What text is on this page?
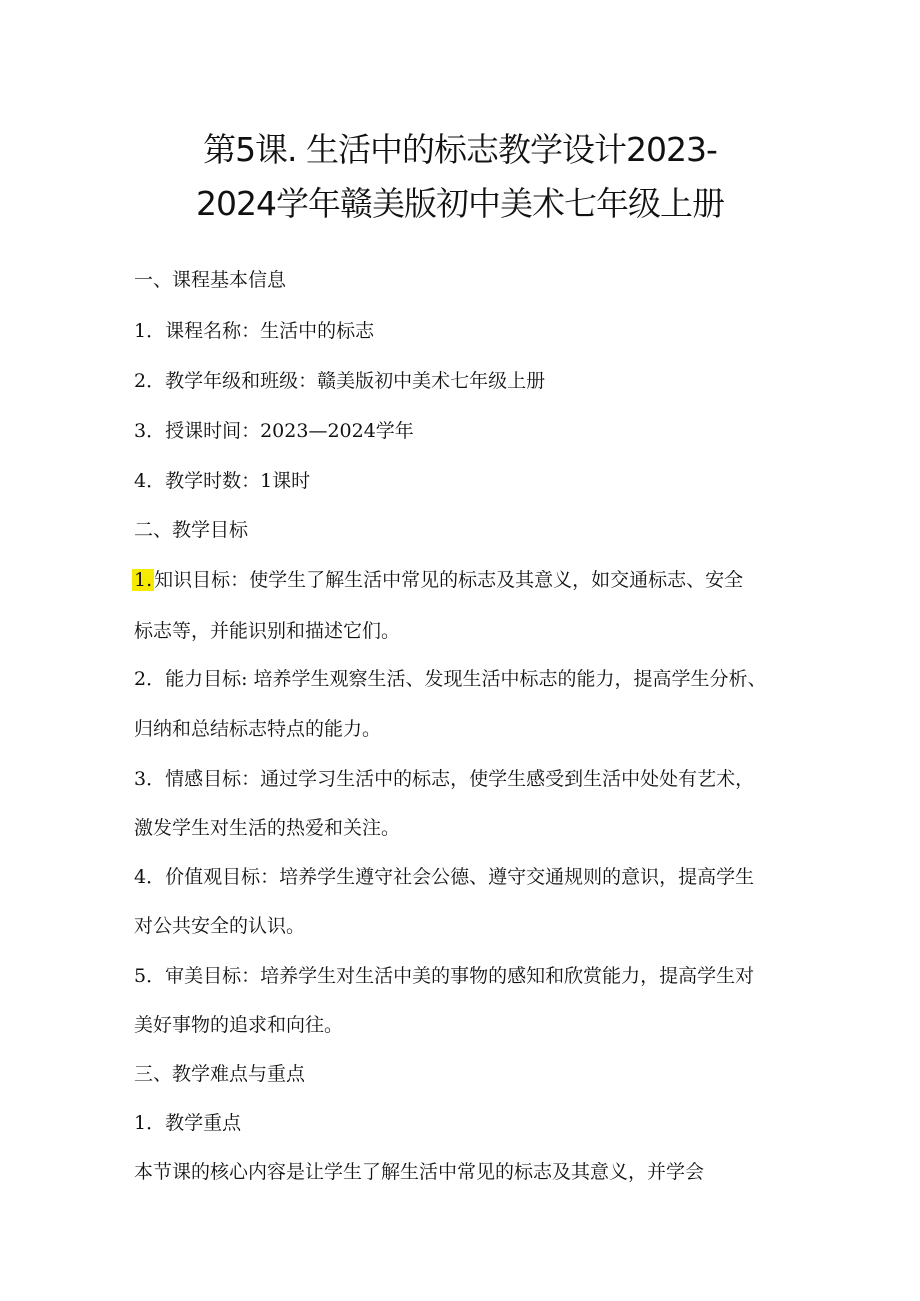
第5课. 生活中的标志教学设计2023-
2024学年赣美版初中美术七年级上册
一、课程基本信息
1．课程名称：生活中的标志
2．教学年级和班级：赣美版初中美术七年级上册
3．授课时间：2023—2024学年
4．教学时数：1课时
二、教学目标
1. 知识目标：使学生了解生活中常见的标志及其意义，如交通标志、安全
标志等，并能识别和描述它们。
2．能力目标: 培养学生观察生活、发现生活中标志的能力，提高学生分析、
归纳和总结标志特点的能力。
3．情感目标：通过学习生活中的标志，使学生感受到生活中处处有艺术，
激发学生对生活的热爱和关注。
4．价值观目标：培养学生遵守社会公德、遵守交通规则的意识，提高学生
对公共安全的认识。
5．审美目标：培养学生对生活中美的事物的感知和欣赏能力，提高学生对
美好事物的追求和向往。
三、教学难点与重点
1．教学重点
本节课的核心内容是让学生了解生活中常见的标志及其意义，并学会
